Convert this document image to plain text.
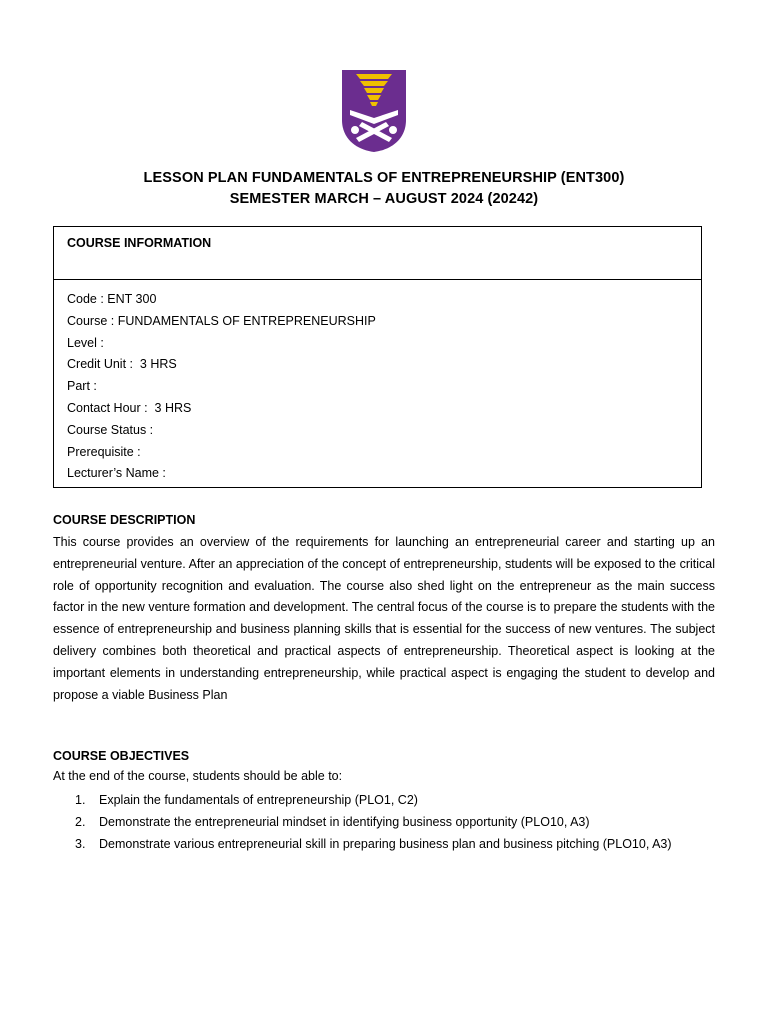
LESSON PLAN FUNDAMENTALS OF ENTREPRENEURSHIP (ENT300)
SEMESTER MARCH – AUGUST 2024 (20242)
COURSE INFORMATION
Code : ENT 300
Course : FUNDAMENTALS OF ENTREPRENEURSHIP
Level :
Credit Unit :  3 HRS
Part :
Contact Hour :  3 HRS
Course Status :
Prerequisite :
Lecturer’s Name :
COURSE DESCRIPTION

This course provides an overview of the requirements for launching an entrepreneurial career and starting up an entrepreneurial venture. After an appreciation of the concept of entrepreneurship, students will be exposed to the critical role of opportunity recognition and evaluation. The course also shed light on the entrepreneur as the main success factor in the new venture formation and development. The central focus of the course is to prepare the students with the essence of entrepreneurship and business planning skills that is essential for the success of new ventures. The subject delivery combines both theoretical and practical aspects of entrepreneurship. Theoretical aspect is looking at the important elements in understanding entrepreneurship, while practical aspect is engaging the student to develop and propose a viable Business Plan

COURSE OBJECTIVES

At the end of the course, students should be able to:

1. Explain the fundamentals of entrepreneurship (PLO1, C2)
2. Demonstrate the entrepreneurial mindset in identifying business opportunity (PLO10, A3)
3. Demonstrate various entrepreneurial skill in preparing business plan and business pitching (PLO10, A3)
